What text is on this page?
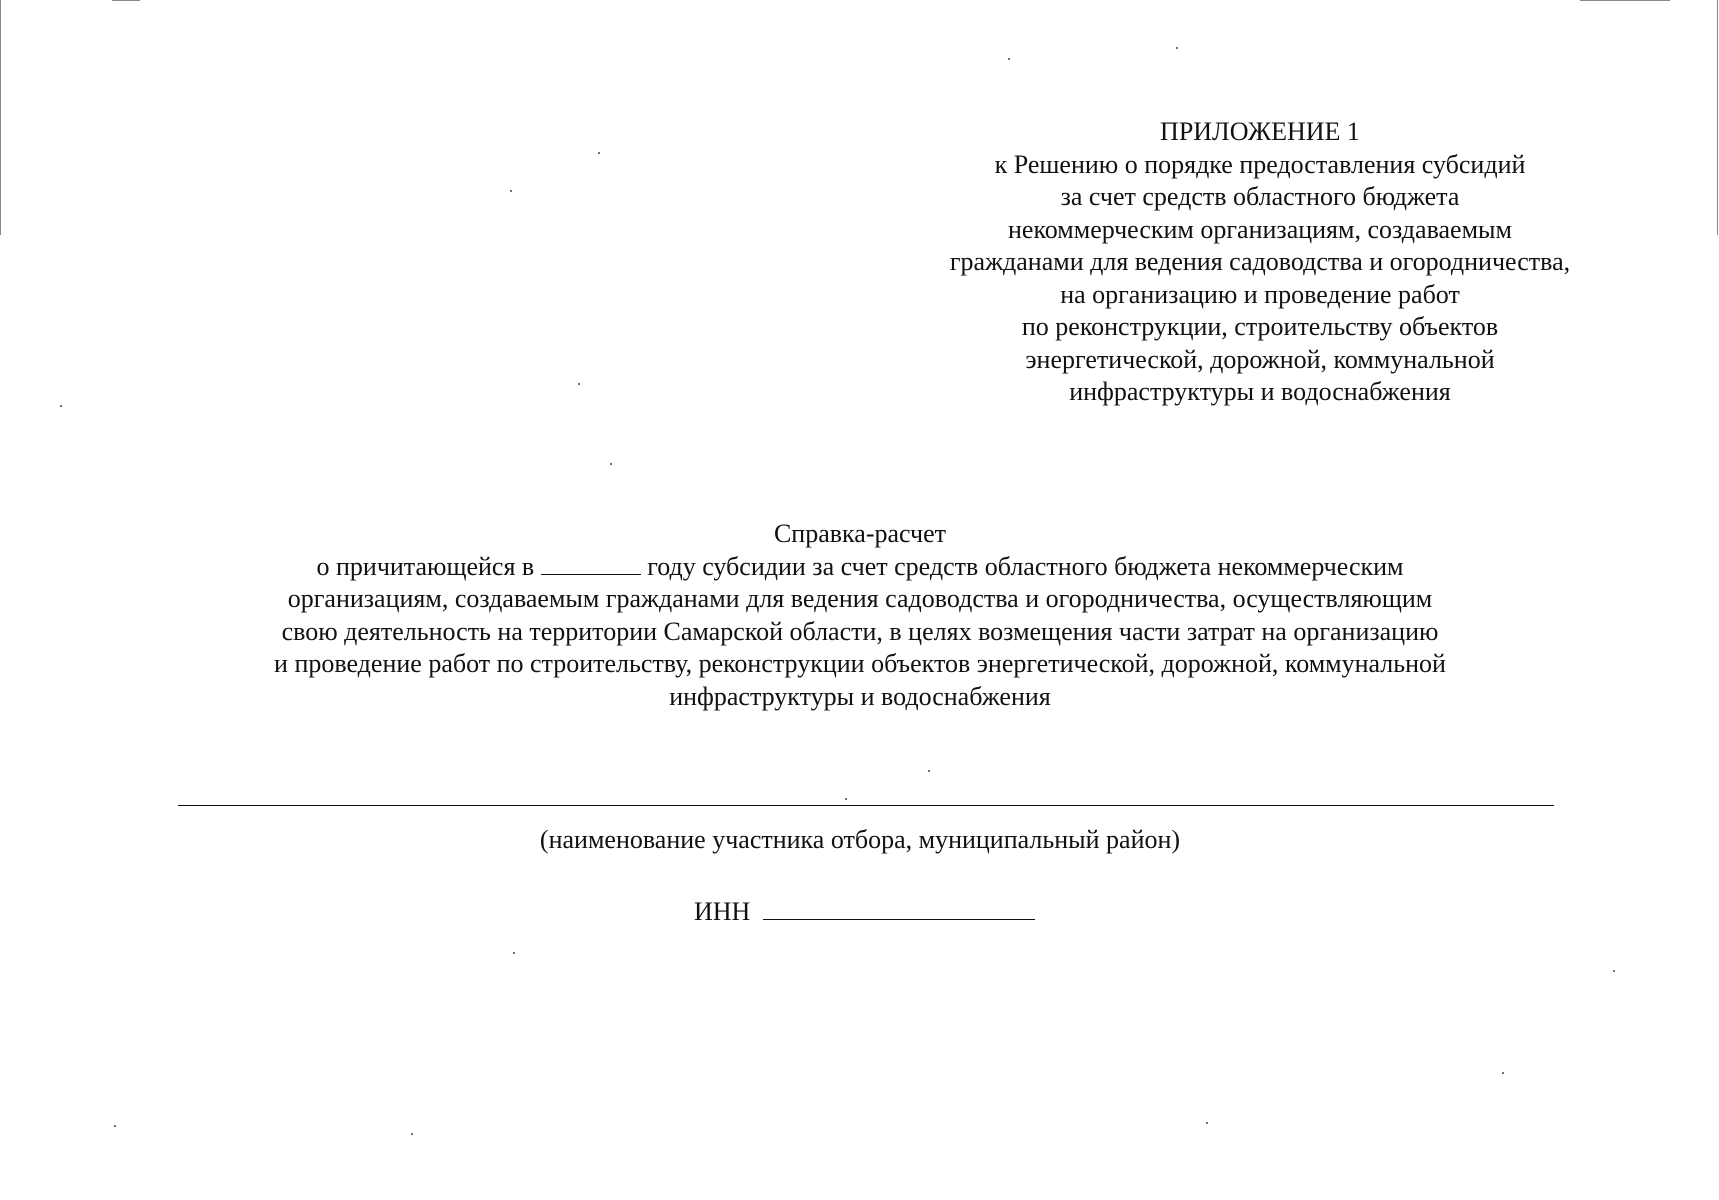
ПРИЛОЖЕНИЕ 1
к Решению о порядке предоставления субсидий
за счет средств областного бюджета
некоммерческим организациям, создаваемым
гражданами для ведения садоводства и огородничества,
на организацию и проведение работ
по реконструкции, строительству объектов
энергетической, дорожной, коммунальной
инфраструктуры и водоснабжения
Справка-расчет
о причитающейся в	году субсидии за счет средств областного бюджета некоммерческим
организациям, создаваемым гражданами для ведения садоводства и огородничества, осуществляющим
свою деятельность на территории Самарской области, в целях возмещения части затрат на организацию
и проведение работ по строительству, реконструкции объектов энергетической, дорожной, коммунальной
инфраструктуры и водоснабжения
(наименование участника отбора, муниципальный район)
ИНН
